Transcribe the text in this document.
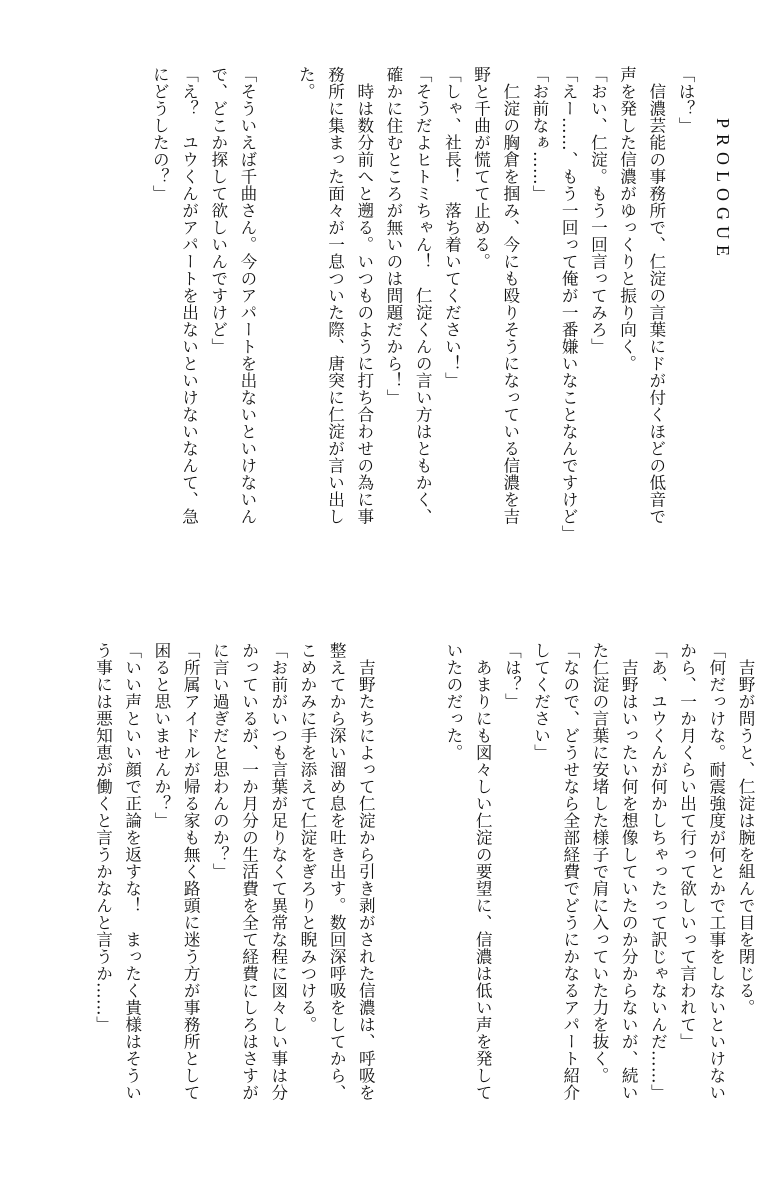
PROLOGUE

「は？」

　信濃芸能の事務所で、仁淀の言葉にドが付くほどの低音で

声を発した信濃がゆっくりと振り向く。

「おい、仁淀。もう一回言ってみろ」

「えー……、もう一回って俺が一番嫌いなことなんですけど」

「お前なぁ……」

　仁淀の胸倉を掴み、今にも殴りそうになっている信濃を吉

野と千曲が慌てて止める。

「しゃ、社長！　落ち着いてください！」

「そうだよヒトミちゃん！　仁淀くんの言い方はともかく、

確かに住むところが無いのは問題だから！」

　時は数分前へと遡る。いつものように打ち合わせの為に事

務所に集まった面々が一息ついた際、唐突に仁淀が言い出し

た。

「そういえば千曲さん。今のアパートを出ないといけないん

で、どこか探して欲しいんですけど」

「え？　ユウくんがアパートを出ないといけないなんて、急

にどうしたの？」

　吉野が問うと、仁淀は腕を組んで目を閉じる。

「何だっけな。耐震強度が何とかで工事をしないといけない

から、一か月くらい出て行って欲しいって言われて」

「あ、ユウくんが何かしちゃったって訳じゃないんだ……」

　吉野はいったい何を想像していたのか分からないが、続い

た仁淀の言葉に安堵した様子で肩に入っていた力を抜く。

「なので、どうせなら全部経費でどうにかなるアパート紹介

してください」

「は？」

　あまりにも図々しい仁淀の要望に、信濃は低い声を発して

いたのだった。

　吉野たちによって仁淀から引き剥がされた信濃は、呼吸を

整えてから深い溜め息を吐き出す。数回深呼吸をしてから、

こめかみに手を添えて仁淀をぎろりと睨みつける。

「お前がいつも言葉が足りなくて異常な程に図々しい事は分

かっているが、一か月分の生活費を全て経費にしろはさすが

に言い過ぎだと思わんのか？」

「所属アイドルが帰る家も無く路頭に迷う方が事務所として

困ると思いませんか？」

「いい声といい顔で正論を返すな！　まったく貴様はそうい

う事には悪知恵が働くと言うかなんと言うか……」
